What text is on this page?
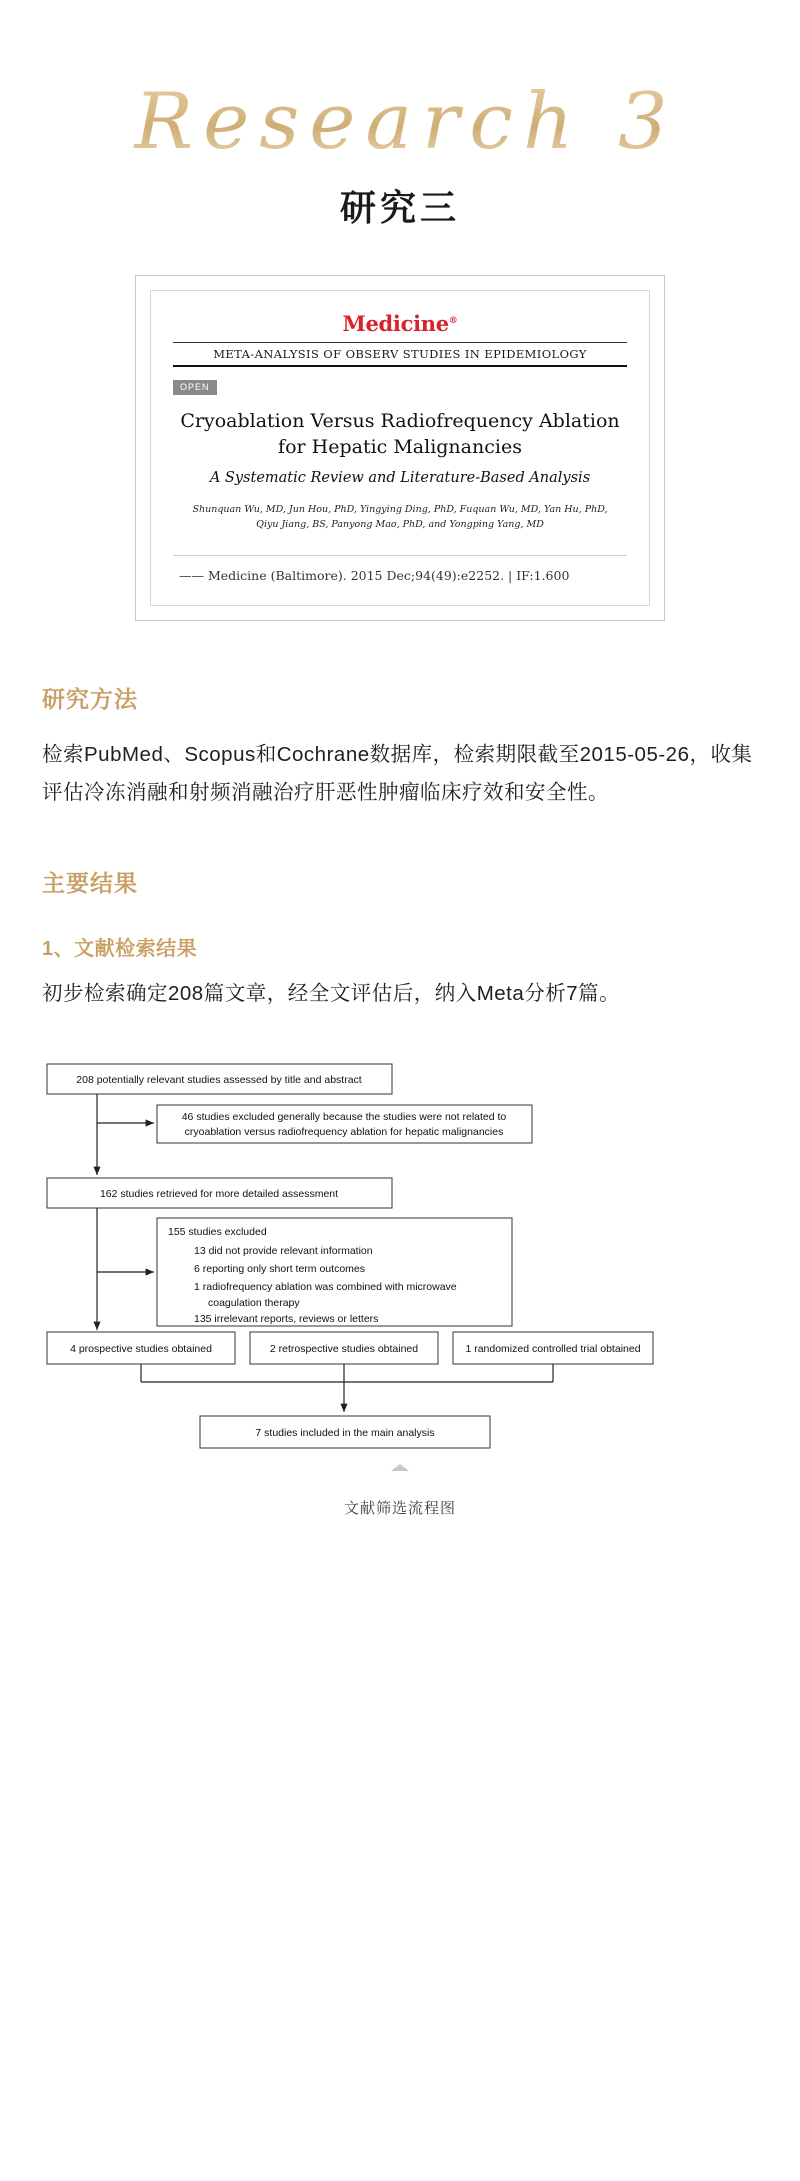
Research 3
研究三
Medicine®
META-ANALYSIS OF OBSERV STUDIES IN EPIDEMIOLOGY
OPEN
Cryoablation Versus Radiofrequency Ablation for Hepatic Malignancies
A Systematic Review and Literature-Based Analysis
Shunquan Wu, MD, Jun Hou, PhD, Yingying Ding, PhD, Fuquan Wu, MD, Yan Hu, PhD,
Qiyu Jiang, BS, Panyong Mao, PhD, and Yongping Yang, MD
—— Medicine (Baltimore). 2015 Dec;94(49):e2252. | IF:1.600
研究方法
检索PubMed、Scopus和Cochrane数据库，检索期限截至2015-05-26，收集评估冷冻消融和射频消融治疗肝恶性肿瘤临床疗效和安全性。
主要结果
1、文献检索结果
初步检索确定208篇文章，经全文评估后，纳入Meta分析7篇。
208 potentially relevant studies assessed by title and abstract
46 studies excluded generally because the studies were not related to
cryoablation versus radiofrequency ablation for hepatic malignancies
162 studies retrieved for more detailed assessment
155 studies excluded
13 did not provide relevant information
6 reporting only short term outcomes
1 radiofrequency ablation was combined with microwave
coagulation therapy
135 irrelevant reports, reviews or letters
4 prospective studies obtained	2 retrospective studies obtained	1 randomized controlled trial obtained
7 studies included in the main analysis
文献筛选流程图
